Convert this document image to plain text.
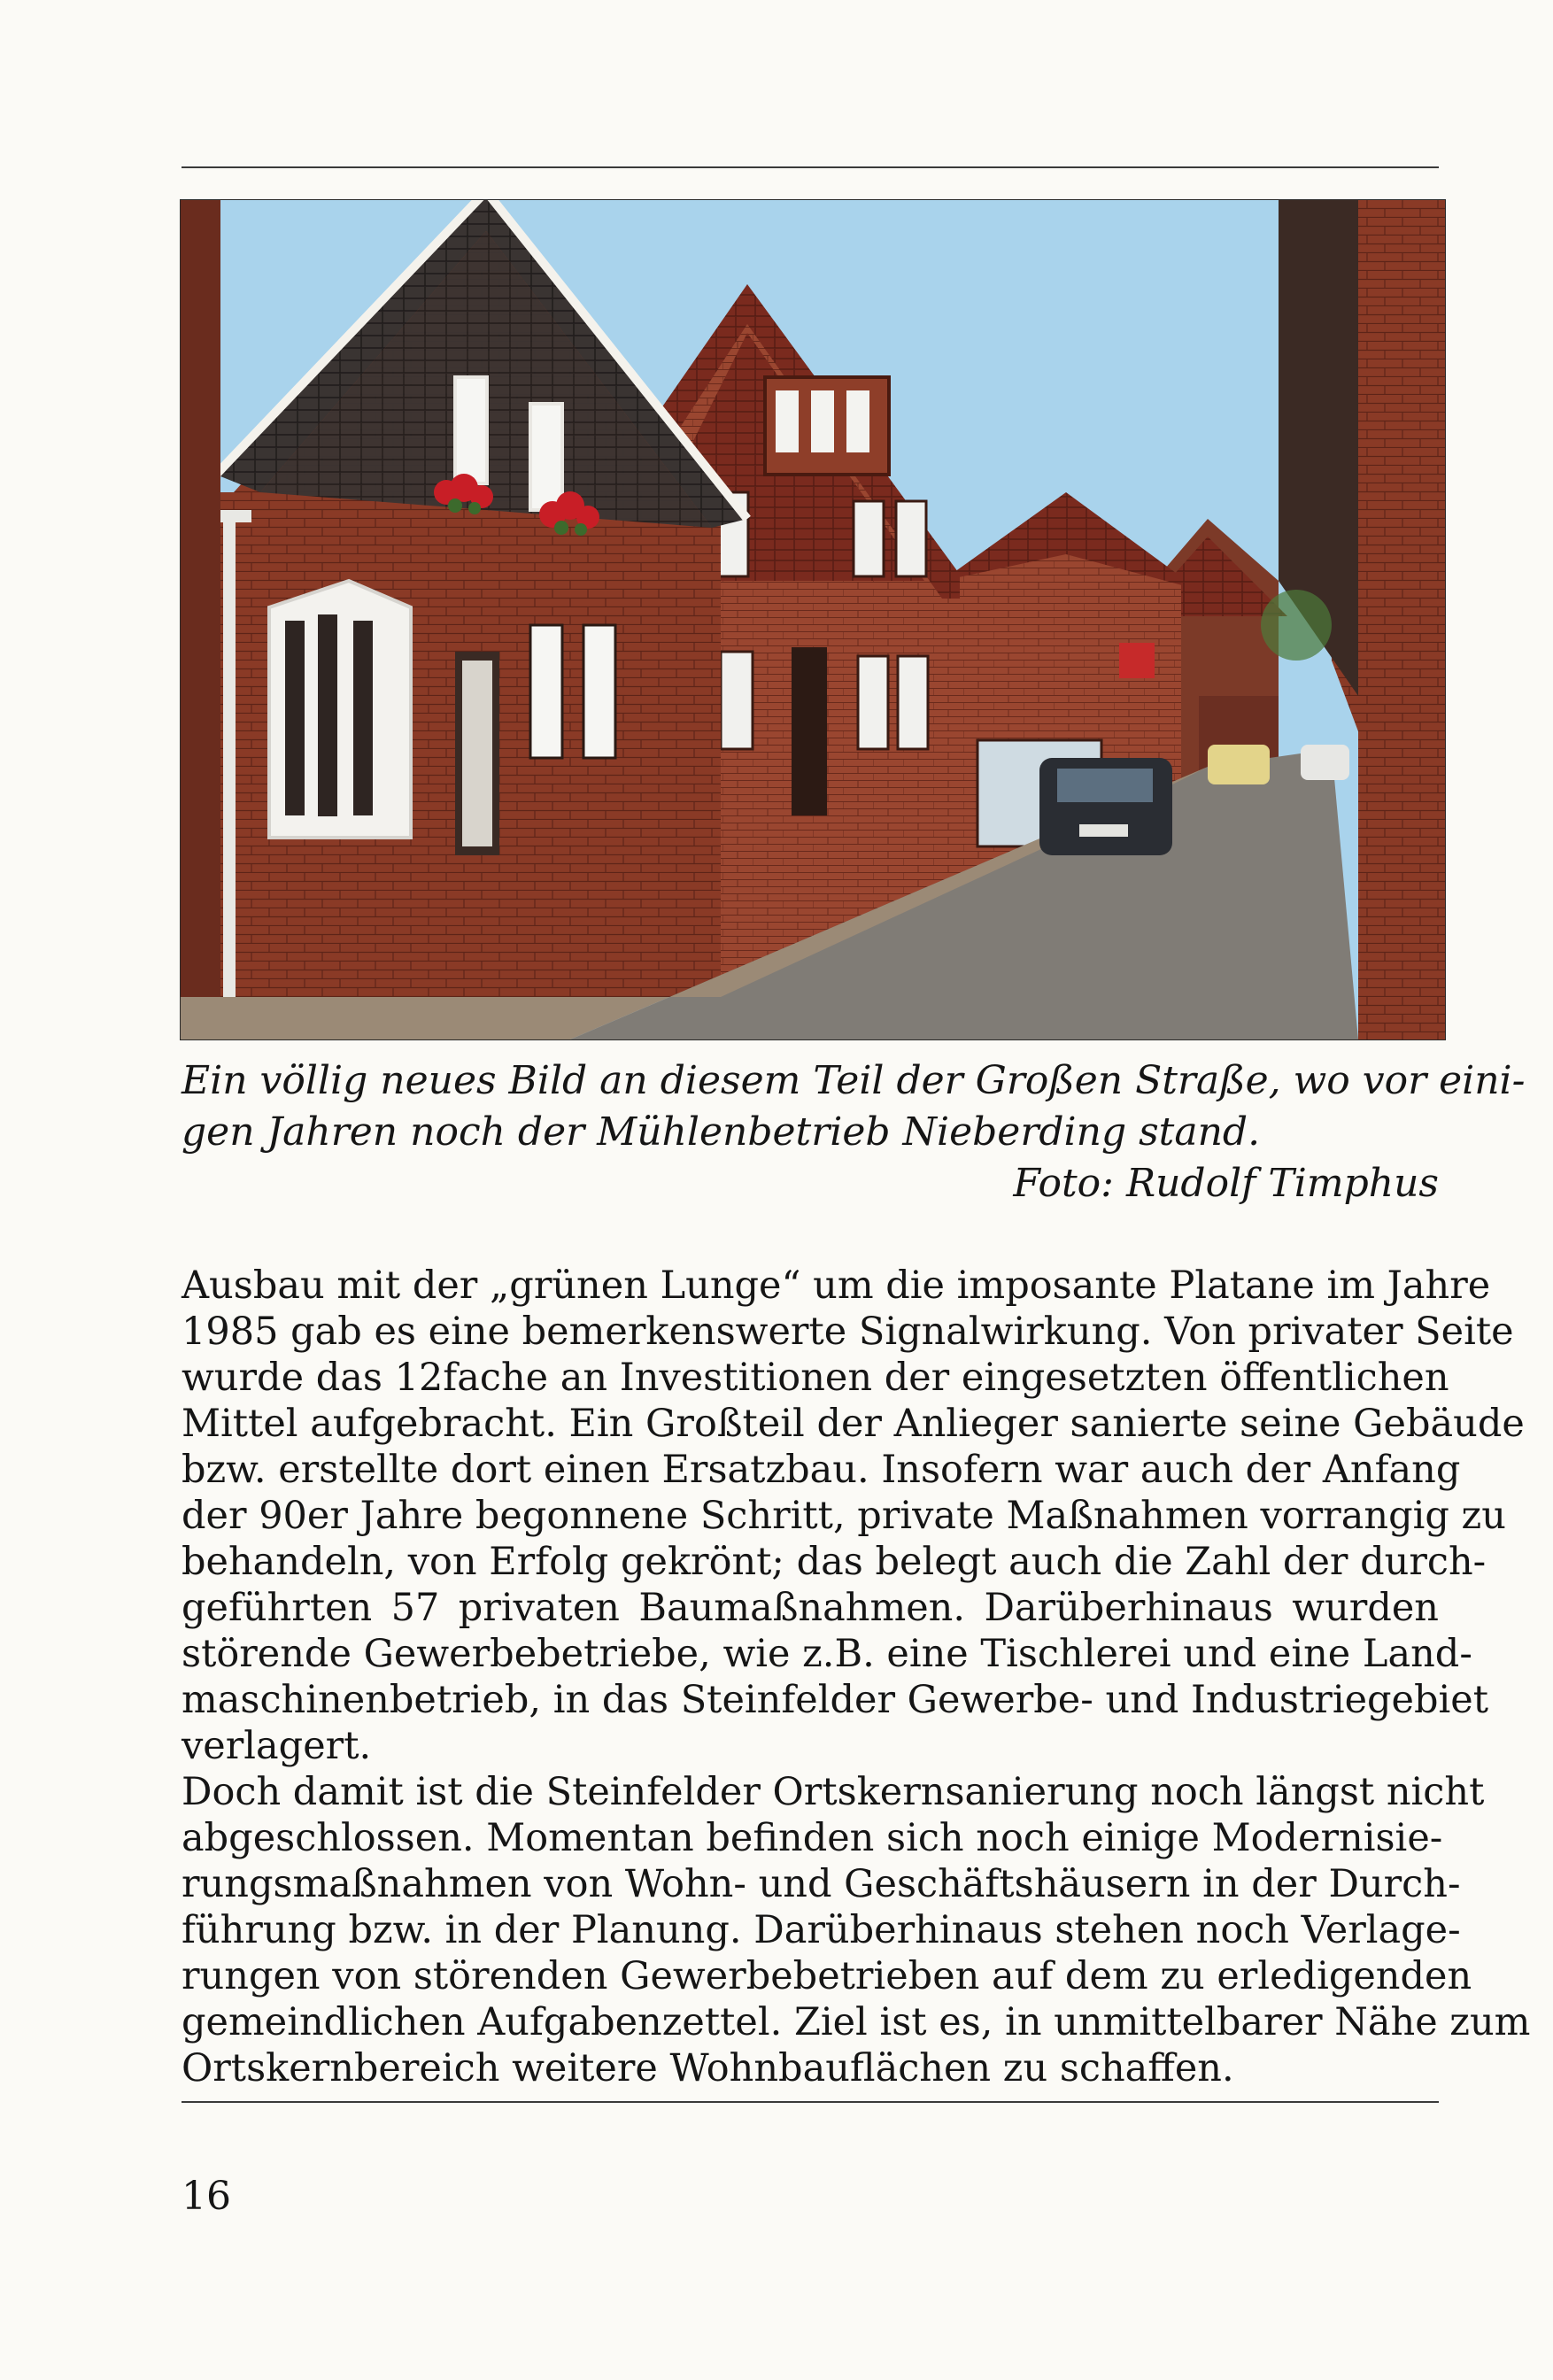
Ein völlig neues Bild an diesem Teil der Großen Straße, wo vor eini-
gen Jahren noch der Mühlenbetrieb Nieberding stand.
Foto: Rudolf Timphus
Ausbau mit der „grünen Lunge“ um die imposante Platane im Jahre
1985 gab es eine bemerkenswerte Signalwirkung. Von privater Seite
wurde das 12fache an Investitionen der eingesetzten öffentlichen
Mittel aufgebracht. Ein Großteil der Anlieger sanierte seine Gebäude
bzw. erstellte dort einen Ersatzbau. Insofern war auch der Anfang
der 90er Jahre begonnene Schritt, private Maßnahmen vorrangig zu
behandeln, von Erfolg gekrönt; das belegt auch die Zahl der durch-
geführten 57 privaten Baumaßnahmen. Darüberhinaus wurden
störende Gewerbebetriebe, wie z.B. eine Tischlerei und eine Land-
maschinenbetrieb, in das Steinfelder Gewerbe- und Industriegebiet
verlagert.
Doch damit ist die Steinfelder Ortskernsanierung noch längst nicht
abgeschlossen. Momentan befinden sich noch einige Modernisie-
rungsmaßnahmen von Wohn- und Geschäftshäusern in der Durch-
führung bzw. in der Planung. Darüberhinaus stehen noch Verlage-
rungen von störenden Gewerbebetrieben auf dem zu erledigenden
gemeindlichen Aufgabenzettel. Ziel ist es, in unmittelbarer Nähe zum
Ortskernbereich weitere Wohnbauflächen zu schaffen.
16
